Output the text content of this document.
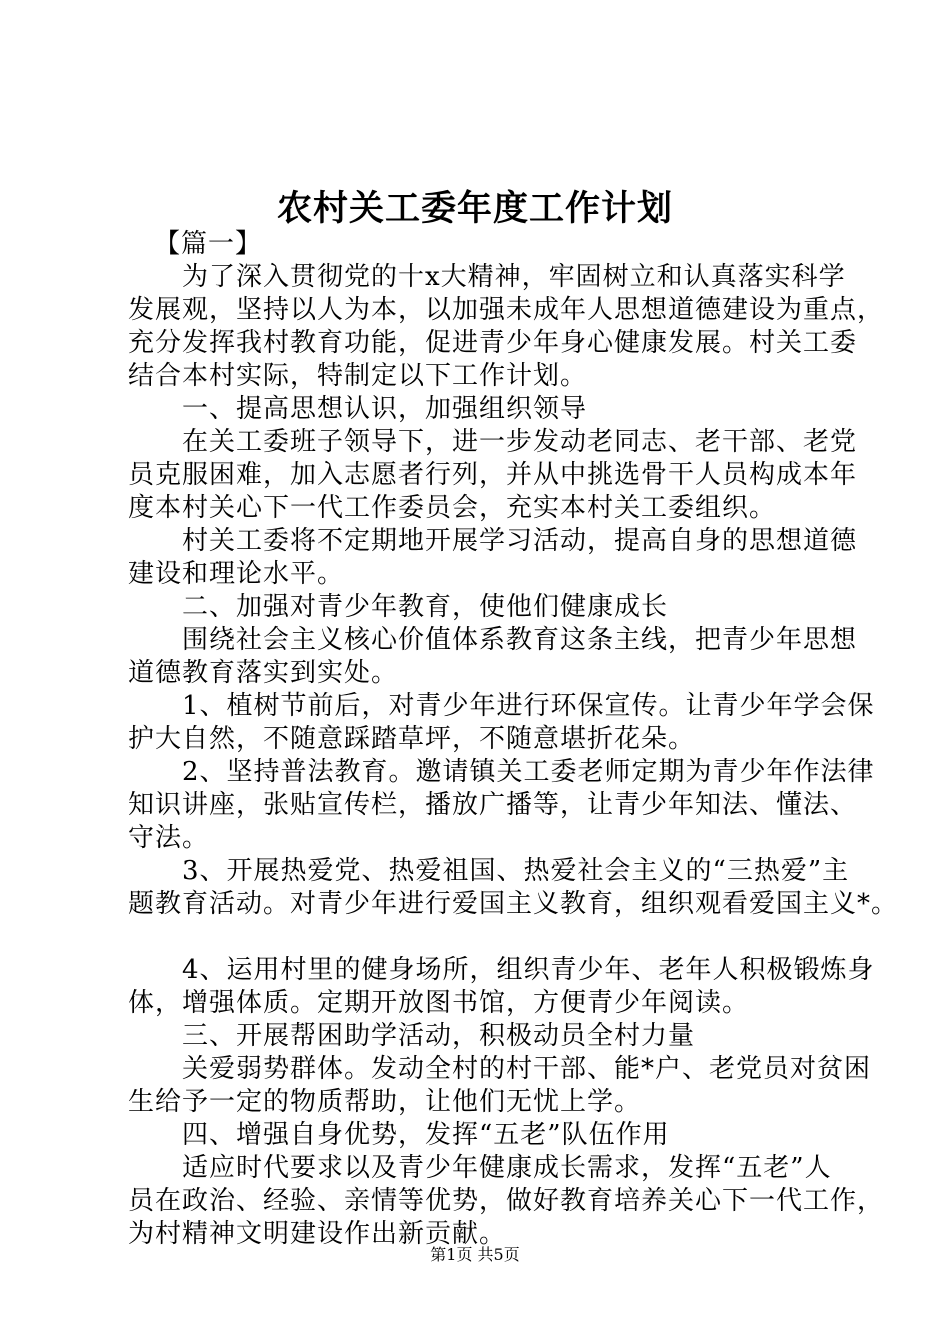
农村关工委年度工作计划
【篇一】
为了深入贯彻党的十x大精神，牢固树立和认真落实科学
发展观，坚持以人为本，以加强未成年人思想道德建设为重点，
充分发挥我村教育功能，促进青少年身心健康发展。村关工委
结合本村实际，特制定以下工作计划。
一、提高思想认识，加强组织领导
在关工委班子领导下，进一步发动老同志、老干部、老党
员克服困难，加入志愿者行列，并从中挑选骨干人员构成本年
度本村关心下一代工作委员会，充实本村关工委组织。
村关工委将不定期地开展学习活动，提高自身的思想道德
建设和理论水平。
二、加强对青少年教育，使他们健康成长
围绕社会主义核心价值体系教育这条主线，把青少年思想
道德教育落实到实处。
1、植树节前后，对青少年进行环保宣传。让青少年学会保
护大自然，不随意踩踏草坪，不随意堪折花朵。
2、坚持普法教育。邀请镇关工委老师定期为青少年作法律
知识讲座，张贴宣传栏，播放广播等，让青少年知法、懂法、
守法。
3、开展热爱党、热爱祖国、热爱社会主义的“三热爱”主
题教育活动。对青少年进行爱国主义教育，组织观看爱国主义*。
4、运用村里的健身场所，组织青少年、老年人积极锻炼身
体，增强体质。定期开放图书馆，方便青少年阅读。
三、开展帮困助学活动，积极动员全村力量
关爱弱势群体。发动全村的村干部、能*户、老党员对贫困
生给予一定的物质帮助，让他们无忧上学。
四、增强自身优势，发挥“五老”队伍作用
适应时代要求以及青少年健康成长需求，发挥“五老”人
员在政治、经验、亲情等优势，做好教育培养关心下一代工作，
为村精神文明建设作出新贡献。
第1页 共5页
